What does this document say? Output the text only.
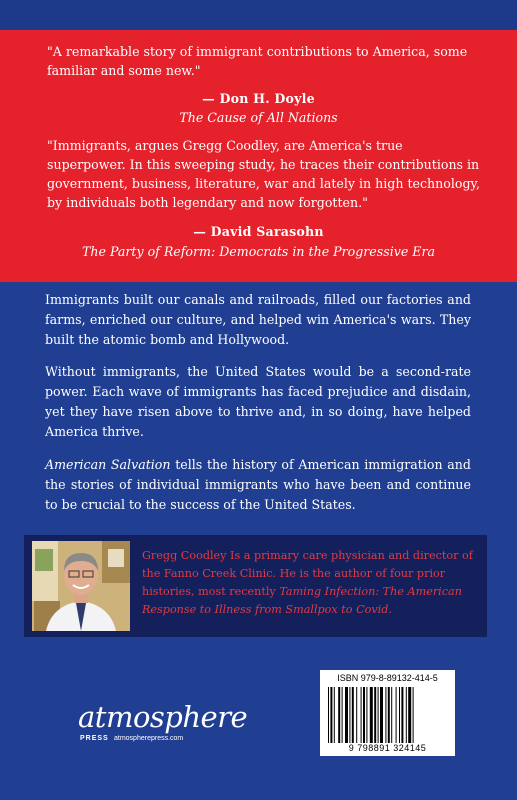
"A remarkable story of immigrant contributions to America, some
familiar and some new."
— Don H. Doyle
The Cause of All Nations
"Immigrants, argues Gregg Coodley, are America's true
superpower. In this sweeping study, he traces their contributions in
government, business, literature, war and lately in high technology,
by individuals both legendary and now forgotten."
— David Sarasohn
The Party of Reform: Democrats in the Progressive Era

Immigrants built our canals and railroads, filled our factories and farms, enriched our culture, and helped win America's wars. They built the atomic bomb and Hollywood.

Without immigrants, the United States would be a second-rate power. Each wave of immigrants has faced prejudice and disdain, yet they have risen above to thrive and, in so doing, have helped America thrive.

American Salvation tells the history of American immigration and the stories of individual immigrants who have been and continue to be crucial to the success of the United States.

Gregg Coodley Is a primary care physician and director of the Fanno Creek Clinic. He is the author of four prior histories, most recently Taming Infection: The American Response to Illness from Smallpox to Covid.

atmosphere
PRESS atmospherepress.com
ISBN 979-8-89132-414-5
9 798891 324145
